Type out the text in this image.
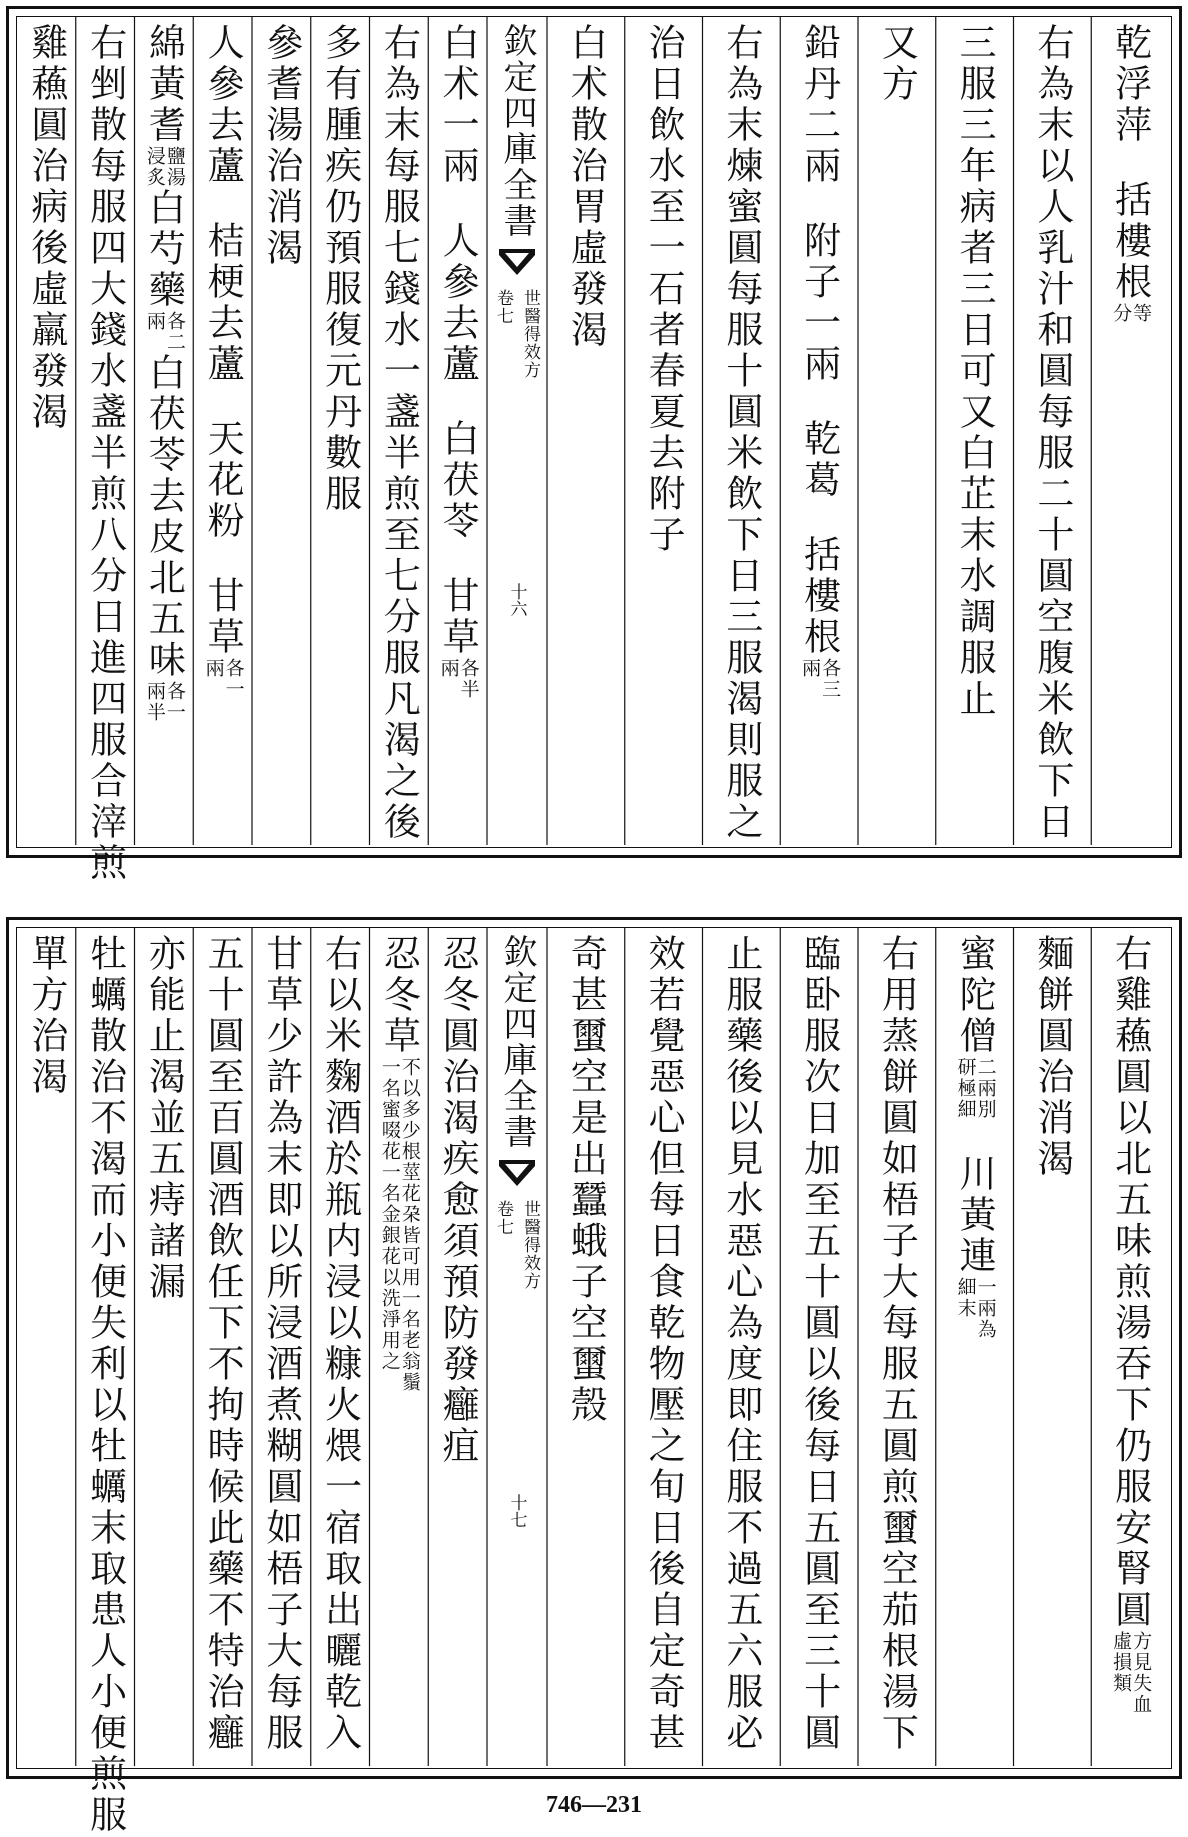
乾浮萍
括樓根
等
分
右為末以人乳汁和圓每服二十圓空腹米飲下日
三服三年病者三日可又白芷末水調服止
又方
鉛丹二兩
附子一兩
乾葛
括樓根
各三
兩
右為末煉蜜圓每服十圓米飲下日三服渴則服之
治日飲水至一石者春夏去附子
白术散治胃虛發渴
白术一兩
人參去蘆
白茯苓
甘草
各半
兩
右為末每服七錢水一盞半煎至七分服凡渴之後
多有腫疾仍預服復元丹數服
參耆湯治消渴
人參去蘆
桔梗去蘆
天花粉
甘草
各一
兩
綿黃耆
鹽湯
浸炙
白芍藥
各二
兩
白茯苓去皮
北五味
各一
兩半
右剉散每服四大錢水盞半煎八分日進四服合滓煎
雞蘓圓治病後虛羸發渴	欽定四庫全書
世醫得效方
卷七
十六
右雞蘓圓以北五味煎湯吞下仍服安腎圓
方見失血
虛損類
麵餅圓治消渴
蜜陀僧
二兩別
研極細
川黃連
一兩為
細末
右用蒸餅圓如梧子大每服五圓煎蠒空茄根湯下
臨卧服次日加至五十圓以後每日五圓至三十圓
止服藥後以見水惡心為度即住服不過五六服必
效若覺惡心但每日食乾物壓之旬日後自定奇甚
奇甚蠒空是出蠶蛾子空蠒殼
忍冬圓治渴疾愈須預防發癰疽
忍冬草
不以多少根莖花朶皆可用一名老翁鬚
一名蜜啜花一名金銀花以洗淨用之
右以米麴酒於瓶内浸以糠火煨一宿取出曬乾入
甘草少許為末即以所浸酒煮糊圓如梧子大每服
五十圓至百圓酒飲任下不拘時候此藥不特治癰
亦能止渴並五痔諸漏
牡蠣散治不渴而小便失利以牡蠣末取患人小便煎服
單方治渴	欽定四庫全書
世醫得效方
卷七
十七
746—231
